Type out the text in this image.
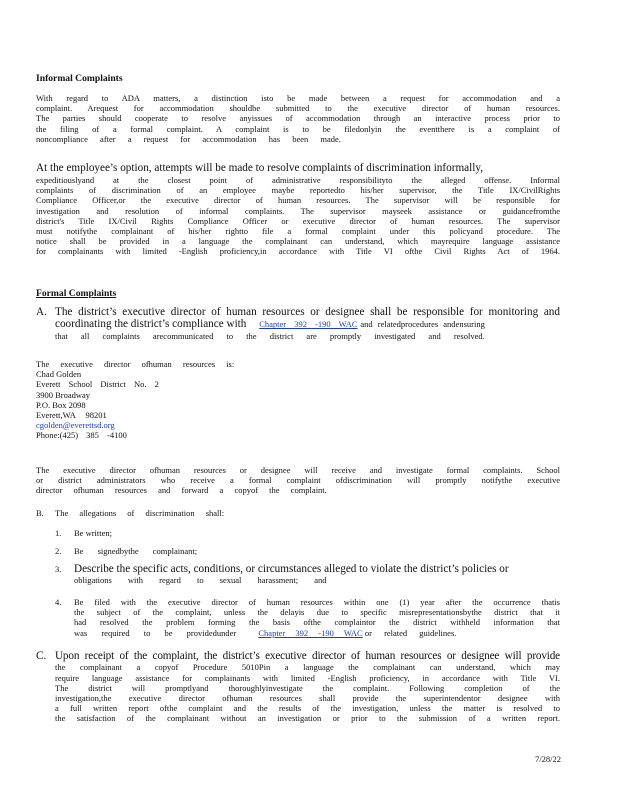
Informal Complaints
With regard to ADA matters, a distinction isto be made between a request for accommodation and a
complaint. Arequest for accommodation shouldbe submitted to the executive director of human resources.
The parties should cooperate to resolve anyissues of accommodation through an interactive process prior to
the filing of a formal complaint. A complaint is to be filedonlyin the eventthere is a complaint of
noncompliance after a request for accommodation has been made.
At the employee’s option, attempts will be made to resolve complaints of discrimination informally,
expeditiouslyand at the closest point of administrative responsibilityto the alleged offense. Informal
complaints of discrimination of an employee maybe reportedto his/her supervisor, the Title IX/CivilRights
Compliance Officer,or the executive director of human resources. The supervisor will be responsible for
investigation and resolution of informal complaints. The supervisor mayseek assistance or guidancefromthe
district's Title IX/Civil Rights Compliance Officer or executive director of human resources. The supervisor
must notifythe complainant of his/her rightto file a formal complaint under this policyand procedure. The
notice shall be provided in a language the complainant can understand, which mayrequire language assistance
for complainants with limited -English proficiency,in accordance with Title VI ofthe Civil Rights Act of 1964.
Formal Complaints
A. The district’s executive director of human resources or designee shall be responsible for monitoring and
coordinating the district’s compliance with Chapter 392 -190 WAC and relatedprocedures andensuring
that all complaints arecommunicated to the district are promptly investigated and resolved.
The executive director ofhuman resources is:
Chad Golden
Everett School District No. 2
3900 Broadway
P.O. Box 2098
Everett,WA 98201
cgolden@everettsd.org
Phone:(425) 385 -4100
The executive director ofhuman resources or designee will receive and investigate formal complaints. School
or district administrators who receive a formal complaint ofdiscrimination will promptly notifythe executive
director ofhuman resources and forward a copyof the complaint.
B.	The allegations of discrimination shall:
1.	Be written;
2.	Be signedbythe complainant;
3. Describe the specific acts, conditions, or circumstances alleged to violate the district’s policies or
obligations with regard to sexual harassment; and
4. Be filed with the executive director of human resources within one (1) year after the occurrence thatis
the subject of the complaint, unless the delayis due to specific misrepresentationsbythe district that it
had resolved the problem forming the basis ofthe complaintor the district withheld information that
was required to be providedunder	Chapter 392 -190 WAC or related guidelines.
C. Upon receipt of the complaint, the district’s executive director of human resources or designee will provide
the complainant a copyof Procedure 5010Pin a language the complainant can understand, which may
require language assistance for complainants with limited -English proficiency, in accordance with Title VI.
The district will promptlyand thoroughlyinvestigate the complaint. Following completion of the
investigation,the executive director ofhuman resources shall provide the superintendentor designee with
a full written report ofthe complaint and the results of the investigation, unless the matter is resolved to
the satisfaction of the complainant without an investigation or prior to the submission of a written report.
7/28/22
